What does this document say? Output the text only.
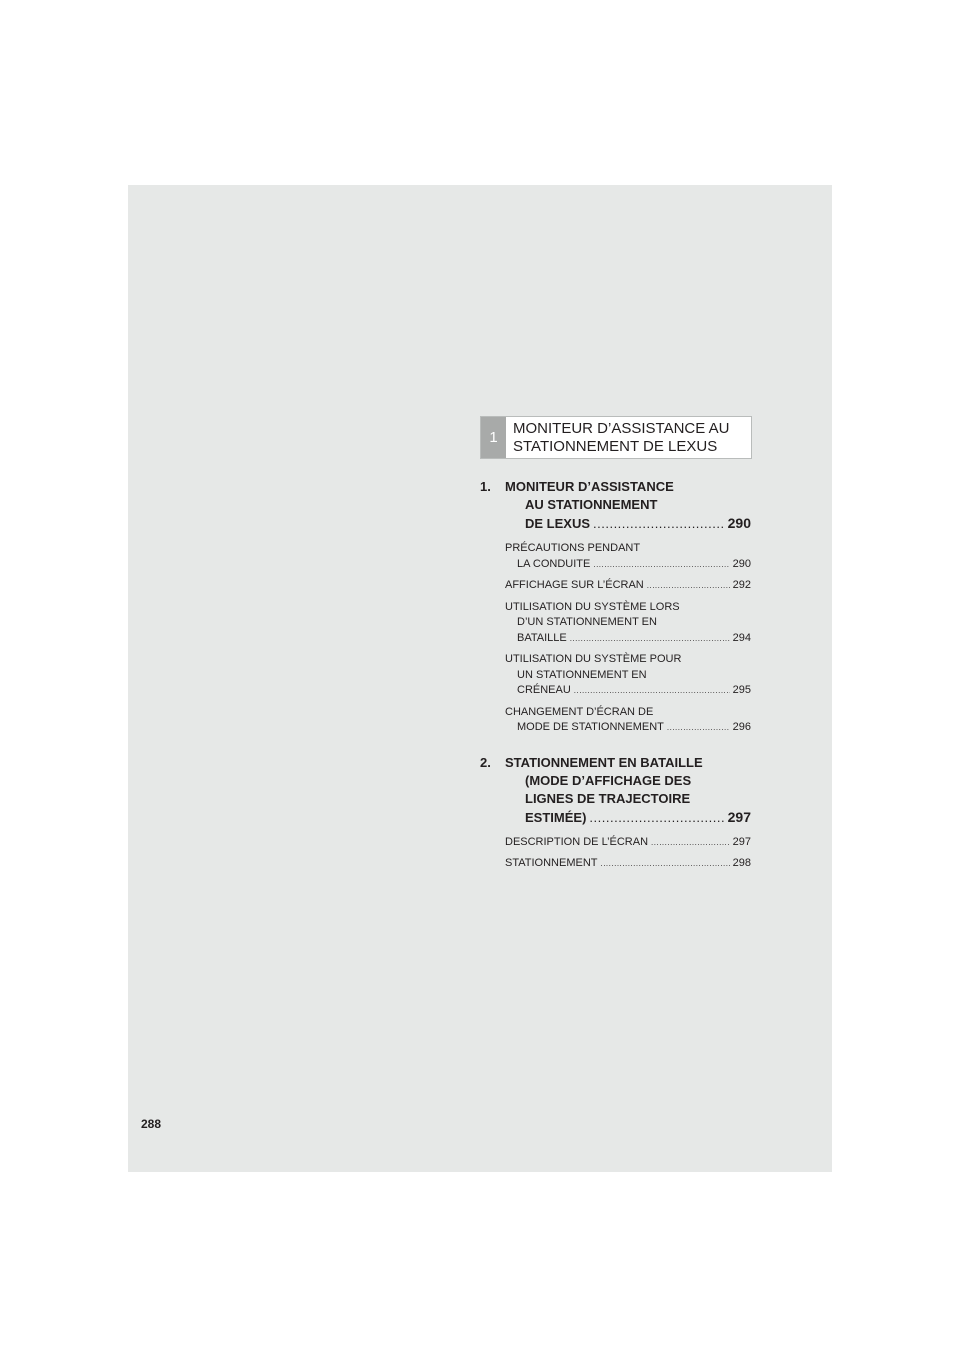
1
MONITEUR D’ASSISTANCE AU
STATIONNEMENT DE LEXUS
1. MONITEUR D’ASSISTANCE
AU STATIONNEMENT
DE LEXUS .....	290
PRÉCAUTIONS PENDANT
LA CONDUITE .....	290
AFFICHAGE SUR L’ÉCRAN .....	292
UTILISATION DU SYSTÈME LORS
D’UN STATIONNEMENT EN
BATAILLE .....	294
UTILISATION DU SYSTÈME POUR
UN STATIONNEMENT EN
CRÉNEAU .....	295
CHANGEMENT D’ÉCRAN DE
MODE DE STATIONNEMENT .....	296
2. STATIONNEMENT EN BATAILLE
(MODE D’AFFICHAGE DES
LIGNES DE TRAJECTOIRE
ESTIMÉE) .....	297
DESCRIPTION DE L’ÉCRAN .....	297
STATIONNEMENT .....	298
288
